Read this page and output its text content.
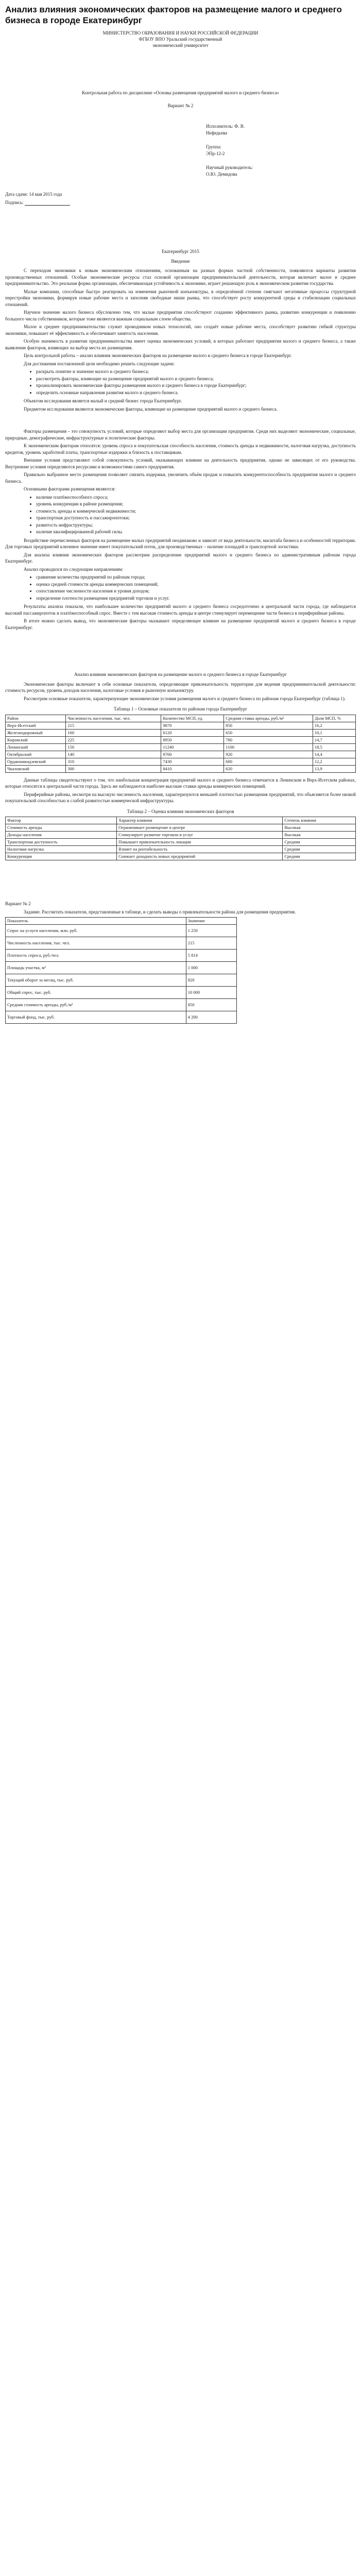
Анализ влияния экономических факторов на размещение малого и среднего бизнеса в городе Екатеринбург
МИНИСТЕРСТВО ОБРАЗОВАНИЯ И НАУКИ РОССИЙСКОЙ ФЕДЕРАЦИИ
ФГБОУ ВПО Уральский государственный
экономический университет
Контрольная работа по дисциплине «Основы размещения предприятий малого и среднего бизнеса»
Вариант № 2

Исполнитель: Ф. В.
Нефедьева

Группа:
ЭПр-12-2

Научный руководитель:
О.Ю. Демидова

Дата сдачи: 14 мая 2015 года

Подпись:

Екатеринбург 2015
Введение

С переходом экономики к новым экономическим отношениям, основанным на разных формах частной собственности, появляются варианты развития производственных отношений. Особые экономические ресурсы стал основой организации предпринимательской деятельности, которая включает малое и среднее предпринимательство. Это реальная форма организации, обеспечивающая устойчивость к экономике, играет решающую роль в экономическом развитии государства.

Малые компании, способные быстро реагировать на изменения рыночной конъюнктуры, в определённой степени смягчают негативные процессы структурной перестройки экономики, формируя новые рабочие места и заполняя свободные ниши рынка, что способствует росту конкурентной среды и стабилизации социальных отношений.

Научное значение малого бизнеса обусловлено тем, что малые предприятия способствуют созданию эффективного рынка, развитию конкуренции и появлению большого числа собственников, которые тоже являются важным социальным слоем общества.

Малое и среднее предпринимательство служит проводником новых технологий, оно создаёт новые рабочие места, способствует развитию гибкой структуры экономики, повышает её эффективность и обеспечивает занятость населения.

Особую значимость в развитии предпринимательства имеет оценка экономических условий, в которых работают предприятия малого и среднего бизнеса, а также выявление факторов, влияющих на выбор места их размещения.

Цель контрольной работы – анализ влияния экономических факторов на размещение малого и среднего бизнеса в городе Екатеринбург.

Для достижения поставленной цели необходимо решить следующие задачи:

• раскрыть понятие и значение малого и среднего бизнеса;
• рассмотреть факторы, влияющие на размещение предприятий малого и среднего бизнеса;
• проанализировать экономические факторы размещения малого и среднего бизнеса в городе Екатеринбург;
• определить основные направления развития малого и среднего бизнеса.

Объектом исследования является малый и средний бизнес города Екатеринбург.

Предметом исследования являются экономические факторы, влияющие на размещение предприятий малого и среднего бизнеса.

Факторы размещения – это совокупность условий, которые определяют выбор места для организации предприятия. Среди них выделяют экономические, социальные, природные, демографические, инфраструктурные и политические факторы.

К экономическим факторам относятся: уровень спроса и покупательская способность населения, стоимость аренды и недвижимости, налоговая нагрузка, доступность кредитов, уровень заработной платы, транспортные издержки и близость к поставщикам.

Внешние условия представляют собой совокупность условий, оказывающих влияние на деятельность предприятия, однако не зависящих от его руководства. Внутренние условия определяются ресурсами и возможностями самого предприятия.

Правильно выбранное место размещения позволяет снизить издержки, увеличить объём продаж и повысить конкурентоспособность предприятия малого и среднего бизнеса.

Основными факторами размещения являются:

• наличие платёжеспособного спроса;
• уровень конкуренции в районе размещения;
• стоимость аренды и коммерческой недвижимости;
• транспортная доступность и пассажиропотоки;
• развитость инфраструктуры;
• наличие квалифицированной рабочей силы.

Воздействие перечисленных факторов на размещение малых предприятий неодинаково и зависит от вида деятельности, масштаба бизнеса и особенностей территории. Для торговых предприятий ключевое значение имеет покупательский поток, для производственных – наличие площадей и транспортной логистики.

Для анализа влияния экономических факторов рассмотрим распределение предприятий малого и среднего бизнеса по административным районам города Екатеринбург.

Анализ проводился по следующим направлениям:

• сравнение количества предприятий по районам города;
• оценка средней стоимости аренды коммерческих помещений;
• сопоставление численности населения и уровня доходов;
• определение плотности размещения предприятий торговли и услуг.

Результаты анализа показали, что наибольшее количество предприятий малого и среднего бизнеса сосредоточено в центральной части города, где наблюдается высокий пассажиропоток и платёжеспособный спрос. Вместе с тем высокая стоимость аренды в центре стимулирует перемещение части бизнеса в периферийные районы.

В итоге можно сделать вывод, что экономические факторы оказывают определяющее влияние на размещение предприятий малого и среднего бизнеса в городе Екатеринбург.

Анализ влияния экономических факторов на размещение малого и среднего бизнеса в городе Екатеринбург

Экономические факторы включают в себя основные показатели, определяющие привлекательность территории для ведения предпринимательской деятельности: стоимость ресурсов, уровень доходов населения, налоговые условия и рыночную конъюнктуру.

Рассмотрим основные показатели, характеризующие экономические условия размещения малого и среднего бизнеса по районам города Екатеринбург (таблица 1).

Таблица 1 – Основные показатели по районам города Екатеринбург
Район	Численность населения, тыс. чел.	Количество МСП, ед.	Средняя ставка аренды, руб./м²	Доля МСП, %
Верх-Исетский	215	9870	850	16,2
Железнодорожный	160	6120	650	10,1
Кировский	225	8950	780	14,7
Ленинский	150	11240	1100	18,5
Октябрьский	140	8760	920	14,4
Орджоникидзевский	310	7430	600	12,2
Чкаловский	300	8410	620	13,9

Данные таблицы свидетельствуют о том, что наибольшая концентрация предприятий малого и среднего бизнеса отмечается в Ленинском и Верх-Исетском районах, которые относятся к центральной части города. Здесь же наблюдаются наиболее высокие ставки аренды коммерческих помещений.

Периферийные районы, несмотря на высокую численность населения, характеризуются меньшей плотностью размещения предприятий, что объясняется более низкой покупательской способностью и слабой развитостью коммерческой инфраструктуры.

Таблица 2 – Оценка влияния экономических факторов
Фактор	Характер влияния	Степень влияния
Стоимость аренды	Ограничивает размещение в центре	Высокая
Доходы населения	Стимулирует развитие торговли и услуг	Высокая
Транспортная доступность	Повышает привлекательность локации	Средняя
Налоговая нагрузка	Влияет на рентабельность	Средняя
Конкуренция	Снижает доходность новых предприятий	Средняя

Вариант № 2

Задание. Рассчитать показатели, представленные в таблице, и сделать выводы о привлекательности района для размещения предприятия.

Показатель	Значение
Спрос на услуги населения, млн. руб.	1 250
Численность населения, тыс. чел.	215
Плотность спроса, руб./чел.	5 814
Площадь участка, м²	1 000
Текущий оборот за месяц, тыс. руб.	820
Общий спрос, тыс. руб.	10 000
Средняя стоимость аренды, руб./м²	850
Торговый фонд, тыс. руб.	4 200
